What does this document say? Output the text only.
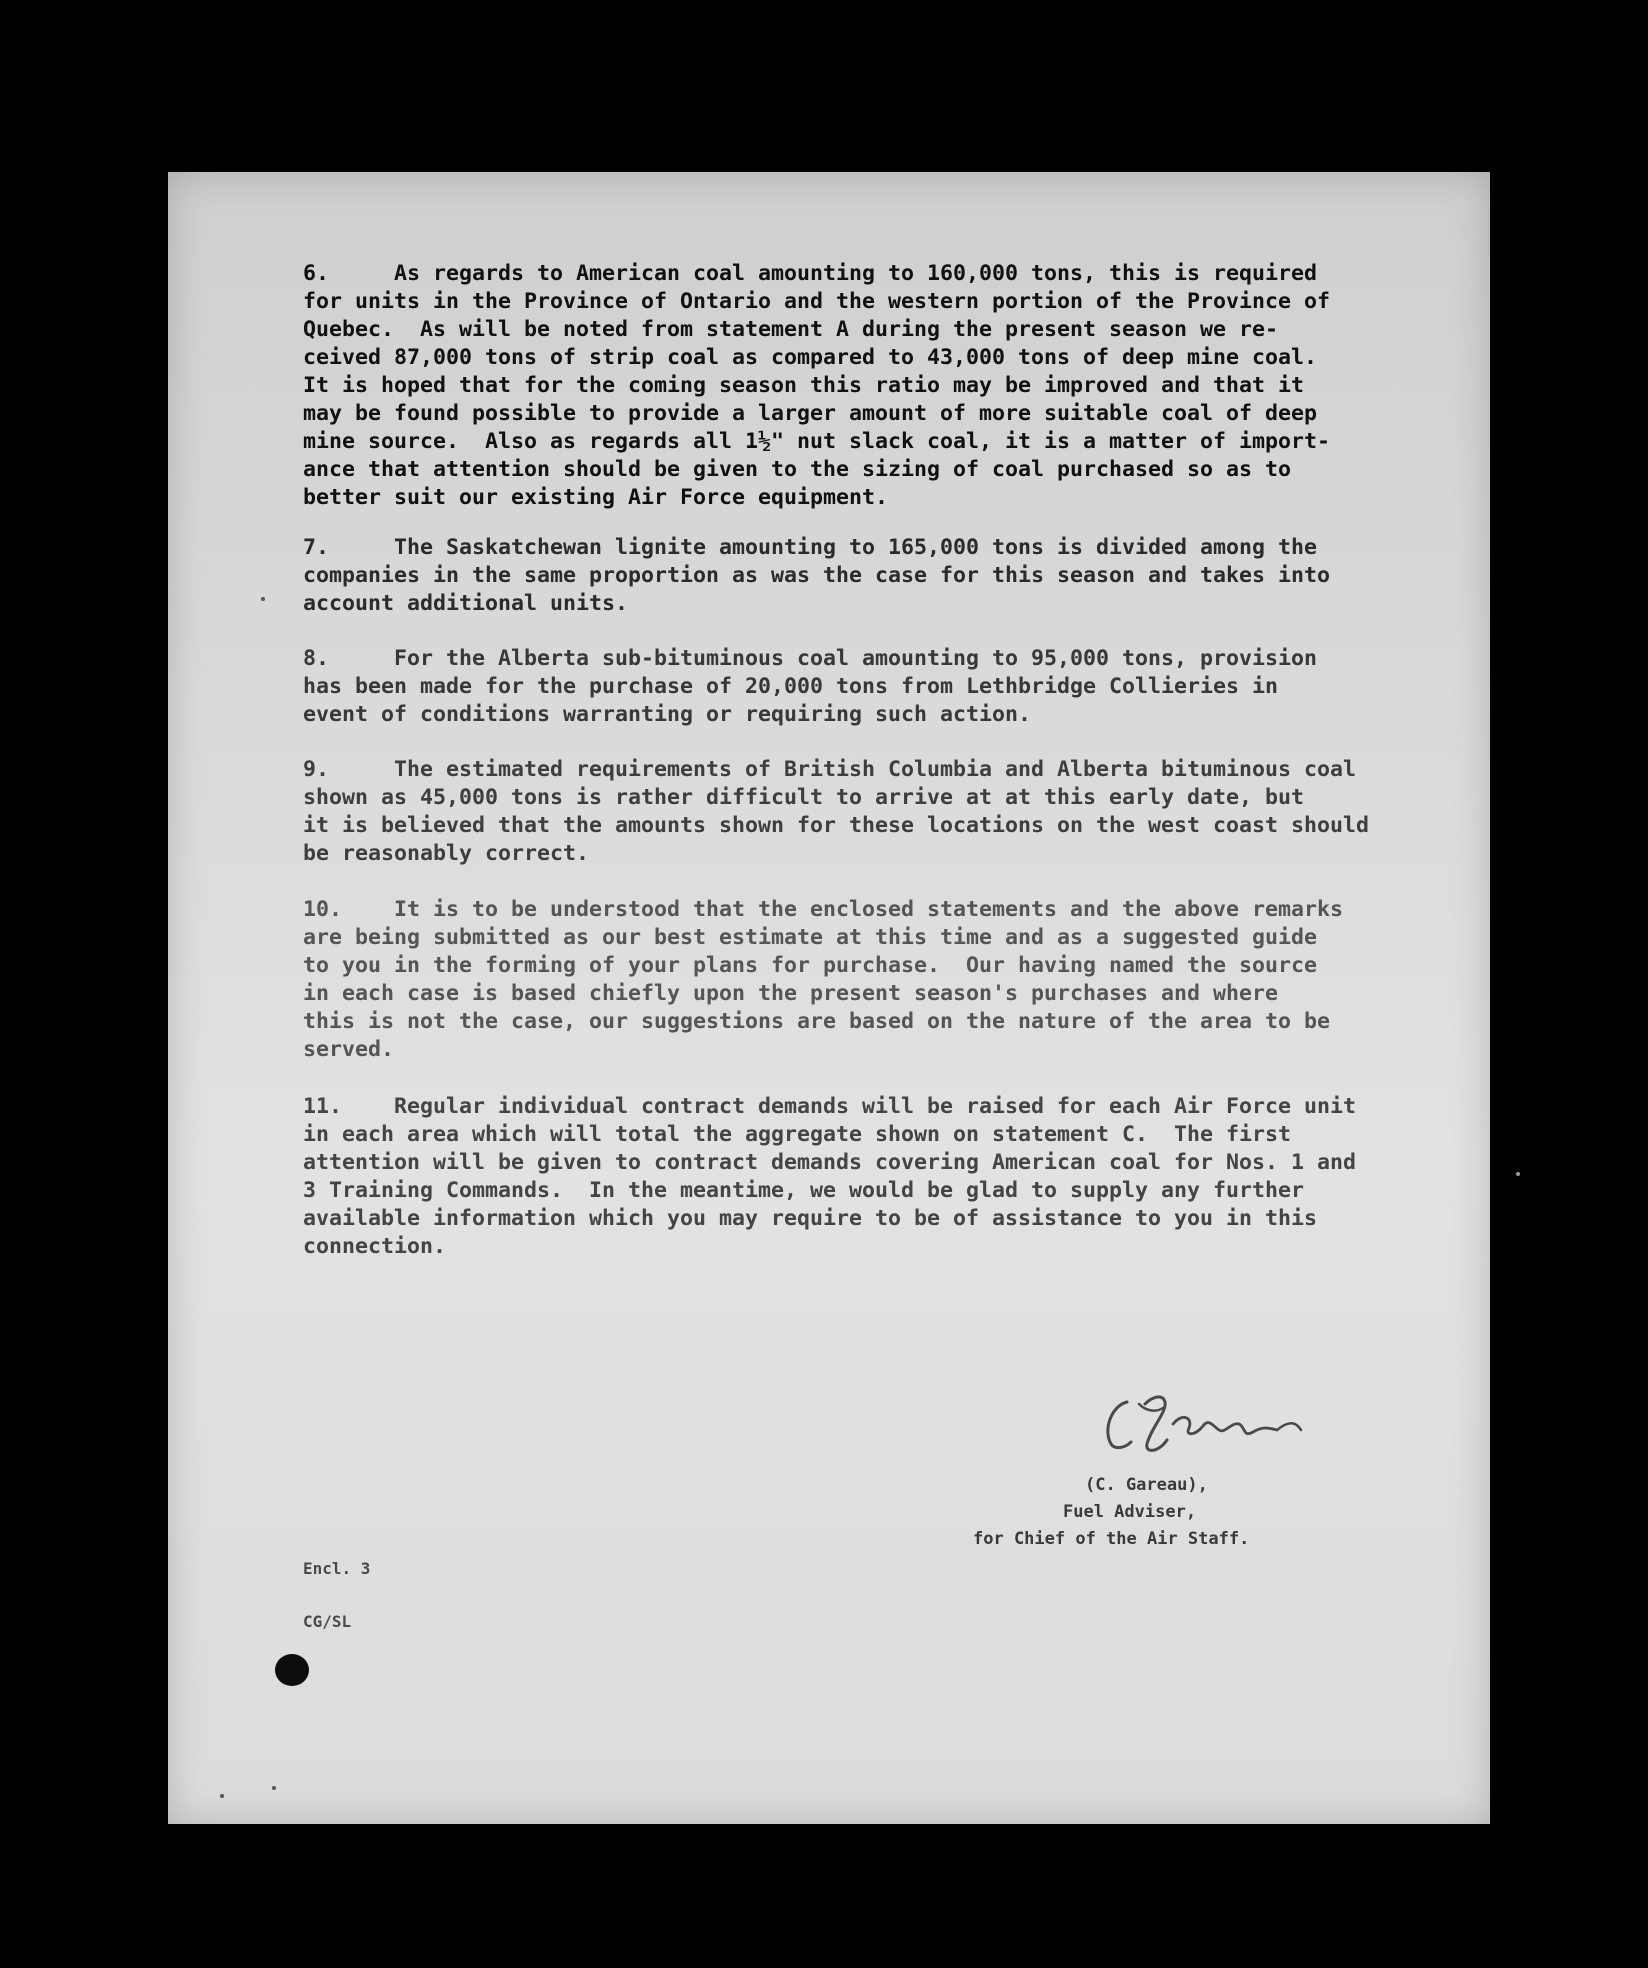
6.     As regards to American coal amounting to 160,000 tons, this is required
for units in the Province of Ontario and the western portion of the Province of
Quebec.  As will be noted from statement A during the present season we re-
ceived 87,000 tons of strip coal as compared to 43,000 tons of deep mine coal.
It is hoped that for the coming season this ratio may be improved and that it
may be found possible to provide a larger amount of more suitable coal of deep
mine source.  Also as regards all 1½" nut slack coal, it is a matter of import-
ance that attention should be given to the sizing of coal purchased so as to
better suit our existing Air Force equipment.
7.     The Saskatchewan lignite amounting to 165,000 tons is divided among the
companies in the same proportion as was the case for this season and takes into
account additional units.
8.     For the Alberta sub-bituminous coal amounting to 95,000 tons, provision
has been made for the purchase of 20,000 tons from Lethbridge Collieries in
event of conditions warranting or requiring such action.
9.     The estimated requirements of British Columbia and Alberta bituminous coal
shown as 45,000 tons is rather difficult to arrive at at this early date, but
it is believed that the amounts shown for these locations on the west coast should
be reasonably correct.
10.    It is to be understood that the enclosed statements and the above remarks
are being submitted as our best estimate at this time and as a suggested guide
to you in the forming of your plans for purchase.  Our having named the source
in each case is based chiefly upon the present season's purchases and where
this is not the case, our suggestions are based on the nature of the area to be
served.
11.    Regular individual contract demands will be raised for each Air Force unit
in each area which will total the aggregate shown on statement C.  The first
attention will be given to contract demands covering American coal for Nos. 1 and
3 Training Commands.  In the meantime, we would be glad to supply any further
available information which you may require to be of assistance to you in this
connection.
(C. Gareau),
Fuel Adviser,
for Chief of the Air Staff.
Encl. 3
CG/SL
